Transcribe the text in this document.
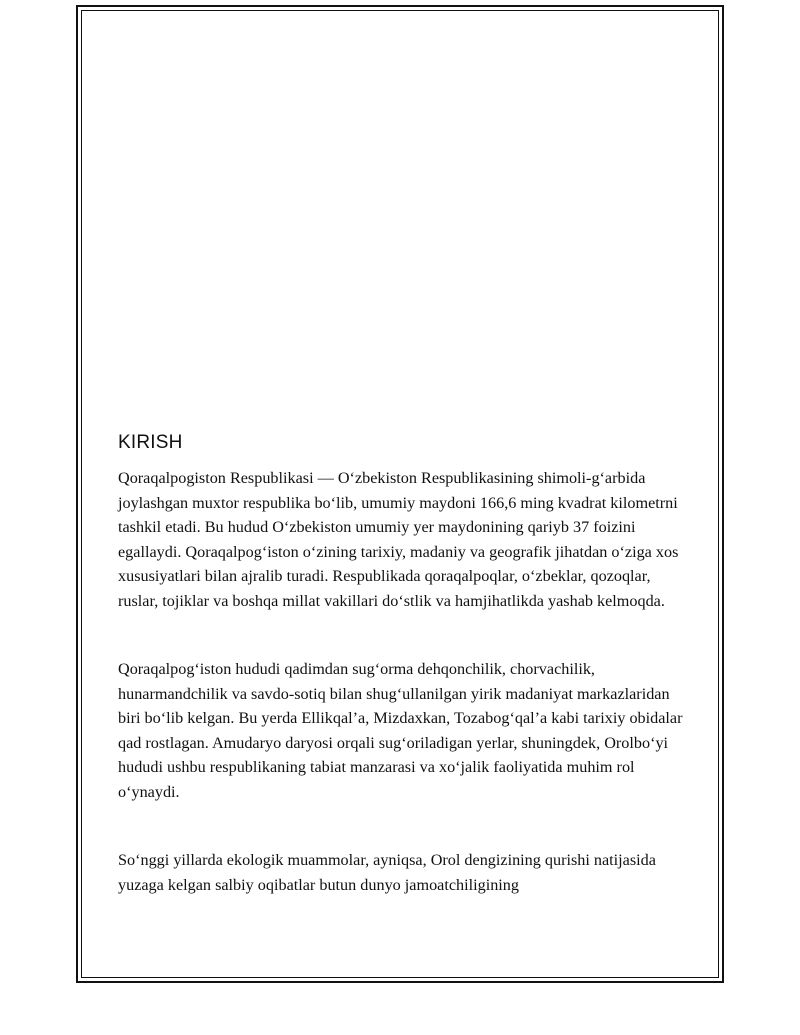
KIRISH

Qoraqalpogiston Respublikasi — O‘zbekiston Respublikasining shimoli-g‘arbida joylashgan muxtor respublika bo‘lib, umumiy maydoni 166,6 ming kvadrat kilometrni tashkil etadi. Bu hudud O‘zbekiston umumiy yer maydonining qariyb 37 foizini egallaydi. Qoraqalpog‘iston o‘zining tarixiy, madaniy va geografik jihatdan o‘ziga xos xususiyatlari bilan ajralib turadi. Respublikada qoraqalpoqlar, o‘zbeklar, qozoqlar, ruslar, tojiklar va boshqa millat vakillari do‘stlik va hamjihatlikda yashab kelmoqda.

Qoraqalpog‘iston hududi qadimdan sug‘orma dehqonchilik, chorvachilik, hunarmandchilik va savdo-sotiq bilan shug‘ullanilgan yirik madaniyat markazlaridan biri bo‘lib kelgan. Bu yerda Ellikqal’a, Mizdaxkan, Tozabog‘qal’a kabi tarixiy obidalar qad rostlagan. Amudaryo daryosi orqali sug‘oriladigan yerlar, shuningdek, Orolbo‘yi hududi ushbu respublikaning tabiat manzarasi va xo‘jalik faoliyatida muhim rol o‘ynaydi.

So‘nggi yillarda ekologik muammolar, ayniqsa, Orol dengizining qurishi natijasida yuzaga kelgan salbiy oqibatlar butun dunyo jamoatchiligining
